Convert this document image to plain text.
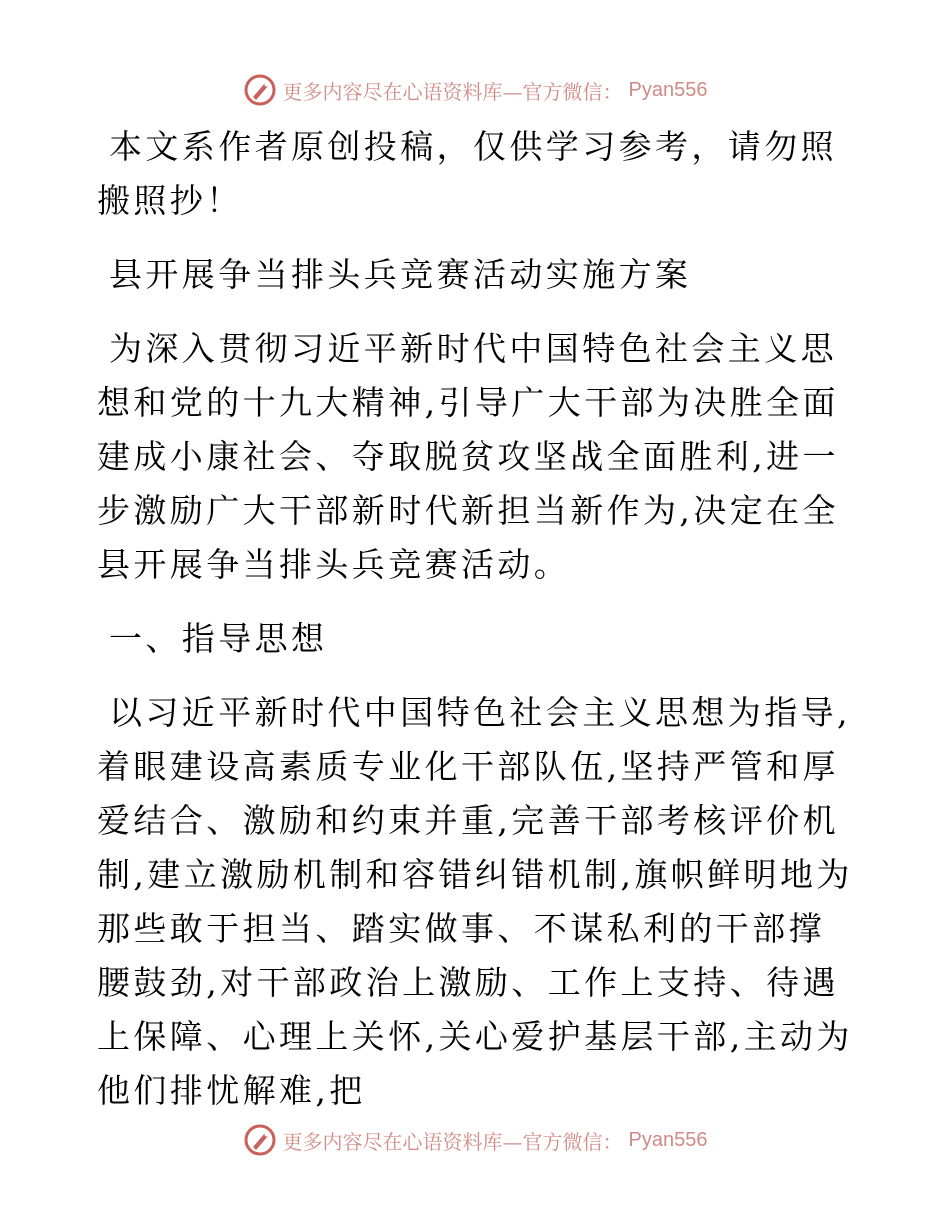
更多内容尽在心语资料库—官方微信： Pyan556

本文系作者原创投稿，仅供学习参考，请勿照搬照抄！

县开展争当排头兵竞赛活动实施方案

为深入贯彻习近平新时代中国特色社会主义思想和党的十九大精神,引导广大干部为决胜全面建成小康社会、夺取脱贫攻坚战全面胜利,进一步激励广大干部新时代新担当新作为,决定在全县开展争当排头兵竞赛活动。

一、指导思想

以习近平新时代中国特色社会主义思想为指导,着眼建设高素质专业化干部队伍,坚持严管和厚爱结合、激励和约束并重,完善干部考核评价机制,建立激励机制和容错纠错机制,旗帜鲜明地为那些敢于担当、踏实做事、不谋私利的干部撑腰鼓劲,对干部政治上激励、工作上支持、待遇上保障、心理上关怀,关心爱护基层干部,主动为他们排忧解难,把

更多内容尽在心语资料库—官方微信： Pyan556
